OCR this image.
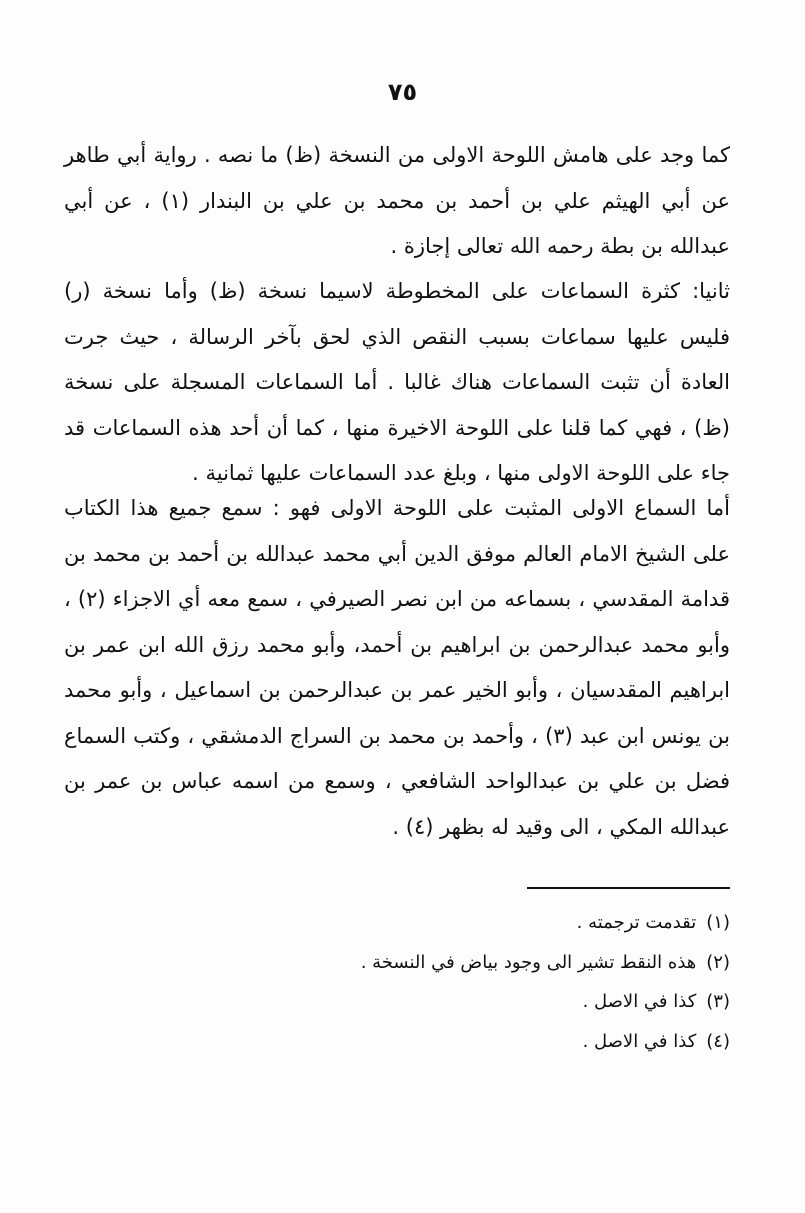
٧٥

كما وجد على هامش اللوحة الاولى من النسخة (ظ) ما نصه . رواية أبي طاهر عن أبي الهيثم علي بن أحمد بن محمد بن علي بن البندار (١) ، عن أبي عبدالله بن بطة رحمه الله تعالى إجازة .

ثانيا: كثرة السماعات على المخطوطة لاسيما نسخة (ظ) وأما نسخة (ر) فليس عليها سماعات بسبب النقص الذي لحق بآخر الرسالة ، حيث جرت العادة أن تثبت السماعات هناك غالبا . أما السماعات المسجلة على نسخة (ظ) ، فهي كما قلنا على اللوحة الاخيرة منها ، كما أن أحد هذه السماعات قد جاء على اللوحة الاولى منها ، وبلغ عدد السماعات عليها ثمانية .

أما السماع الاولى المثبت على اللوحة الاولى فهو : سمع جميع هذا الكتاب على الشيخ الامام العالم موفق الدين أبي محمد عبدالله بن أحمد بن محمد بن قدامة المقدسي ، بسماعه من ابن نصر الصيرفي ، سمع معه أي الاجزاء (٢) ، وأبو محمد عبدالرحمن بن ابراهيم بن أحمد، وأبو محمد رزق الله ابن عمر بن ابراهيم المقدسيان ، وأبو الخير عمر بن عبدالرحمن بن اسماعيل ، وأبو محمد بن يونس ابن عبد (٣) ، وأحمد بن محمد بن السراج الدمشقي ، وكتب السماع فضل بن علي بن عبدالواحد الشافعي ، وسمع من اسمه عباس بن عمر بن عبدالله المكي ، الى وقيد له بظهر (٤) .

(١)تقدمت ترجمته .
(٢)هذه النقط تشير الى وجود بياض في النسخة .
(٣)كذا في الاصل .
(٤)كذا في الاصل .
